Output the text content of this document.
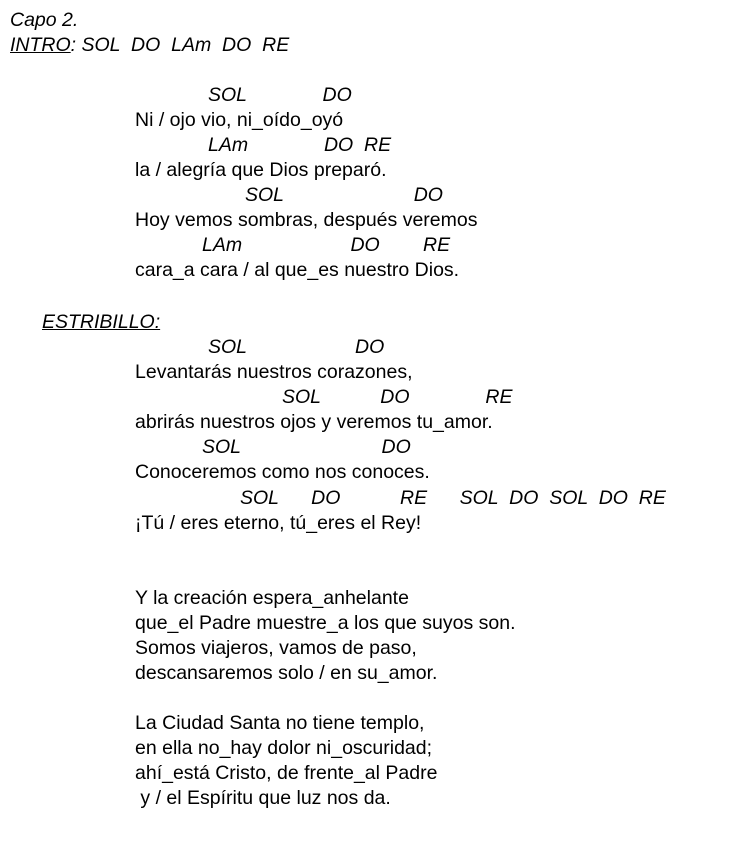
Capo 2.

INTRO: SOL  DO  LAm  DO  RE

SOL              DO

Ni / ojo vio, ni_oído_oyó

LAm              DO  RE

la / alegría que Dios preparó.

SOL                        DO

Hoy vemos sombras, después veremos

LAm                    DO        RE

cara_a cara / al que_es nuestro Dios.

ESTRIBILLO:

SOL                    DO

Levantarás nuestros corazones,

SOL           DO              RE

abrirás nuestros ojos y veremos tu_amor.

SOL                          DO

Conoceremos como nos conoces.

SOL      DO           RE      SOL  DO  SOL  DO  RE

¡Tú / eres eterno, tú_eres el Rey!

Y la creación espera_anhelante

que_el Padre muestre_a los que suyos son.

Somos viajeros, vamos de paso,

descansaremos solo / en su_amor.

La Ciudad Santa no tiene templo,

en ella no_hay dolor ni_oscuridad;

ahí_está Cristo, de frente_al Padre

y / el Espíritu que luz nos da.
